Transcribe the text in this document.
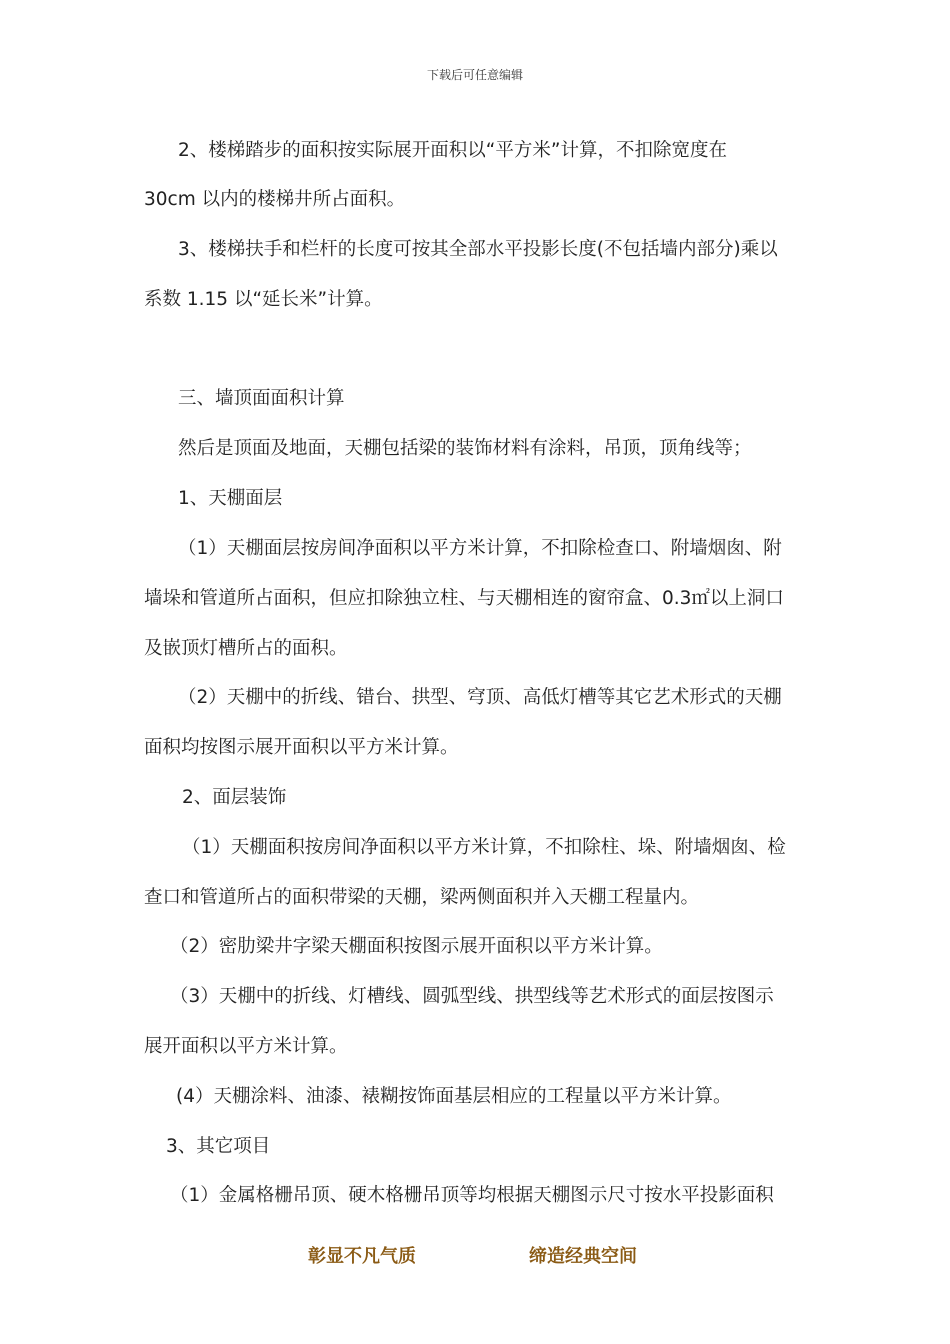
下载后可任意编辑
2、楼梯踏步的面积按实际展开面积以“平方米”计算，不扣除宽度在
30cm 以内的楼梯井所占面积。
3、楼梯扶手和栏杆的长度可按其全部水平投影长度(不包括墙内部分)乘以
系数 1.15 以“延长米”计算。
三、墙顶面面积计算
然后是顶面及地面，天棚包括梁的装饰材料有涂料，吊顶，顶角线等；
1、天棚面层
（1）天棚面层按房间净面积以平方米计算，不扣除检查口、附墙烟囱、附
墙垛和管道所占面积，但应扣除独立柱、与天棚相连的窗帘盒、0.3㎡以上洞口
及嵌顶灯槽所占的面积。
（2）天棚中的折线、错台、拱型、穹顶、高低灯槽等其它艺术形式的天棚
面积均按图示展开面积以平方米计算。
2、面层装饰
（1）天棚面积按房间净面积以平方米计算，不扣除柱、垛、附墙烟囱、检
查口和管道所占的面积带梁的天棚，梁两侧面积并入天棚工程量内。
（2）密肋梁井字梁天棚面积按图示展开面积以平方米计算。
（3）天棚中的折线、灯槽线、圆弧型线、拱型线等艺术形式的面层按图示
展开面积以平方米计算。
(4）天棚涂料、油漆、裱糊按饰面基层相应的工程量以平方米计算。
3、其它项目
（1）金属格栅吊顶、硬木格栅吊顶等均根据天棚图示尺寸按水平投影面积
彰显不凡气质	缔造经典空间
